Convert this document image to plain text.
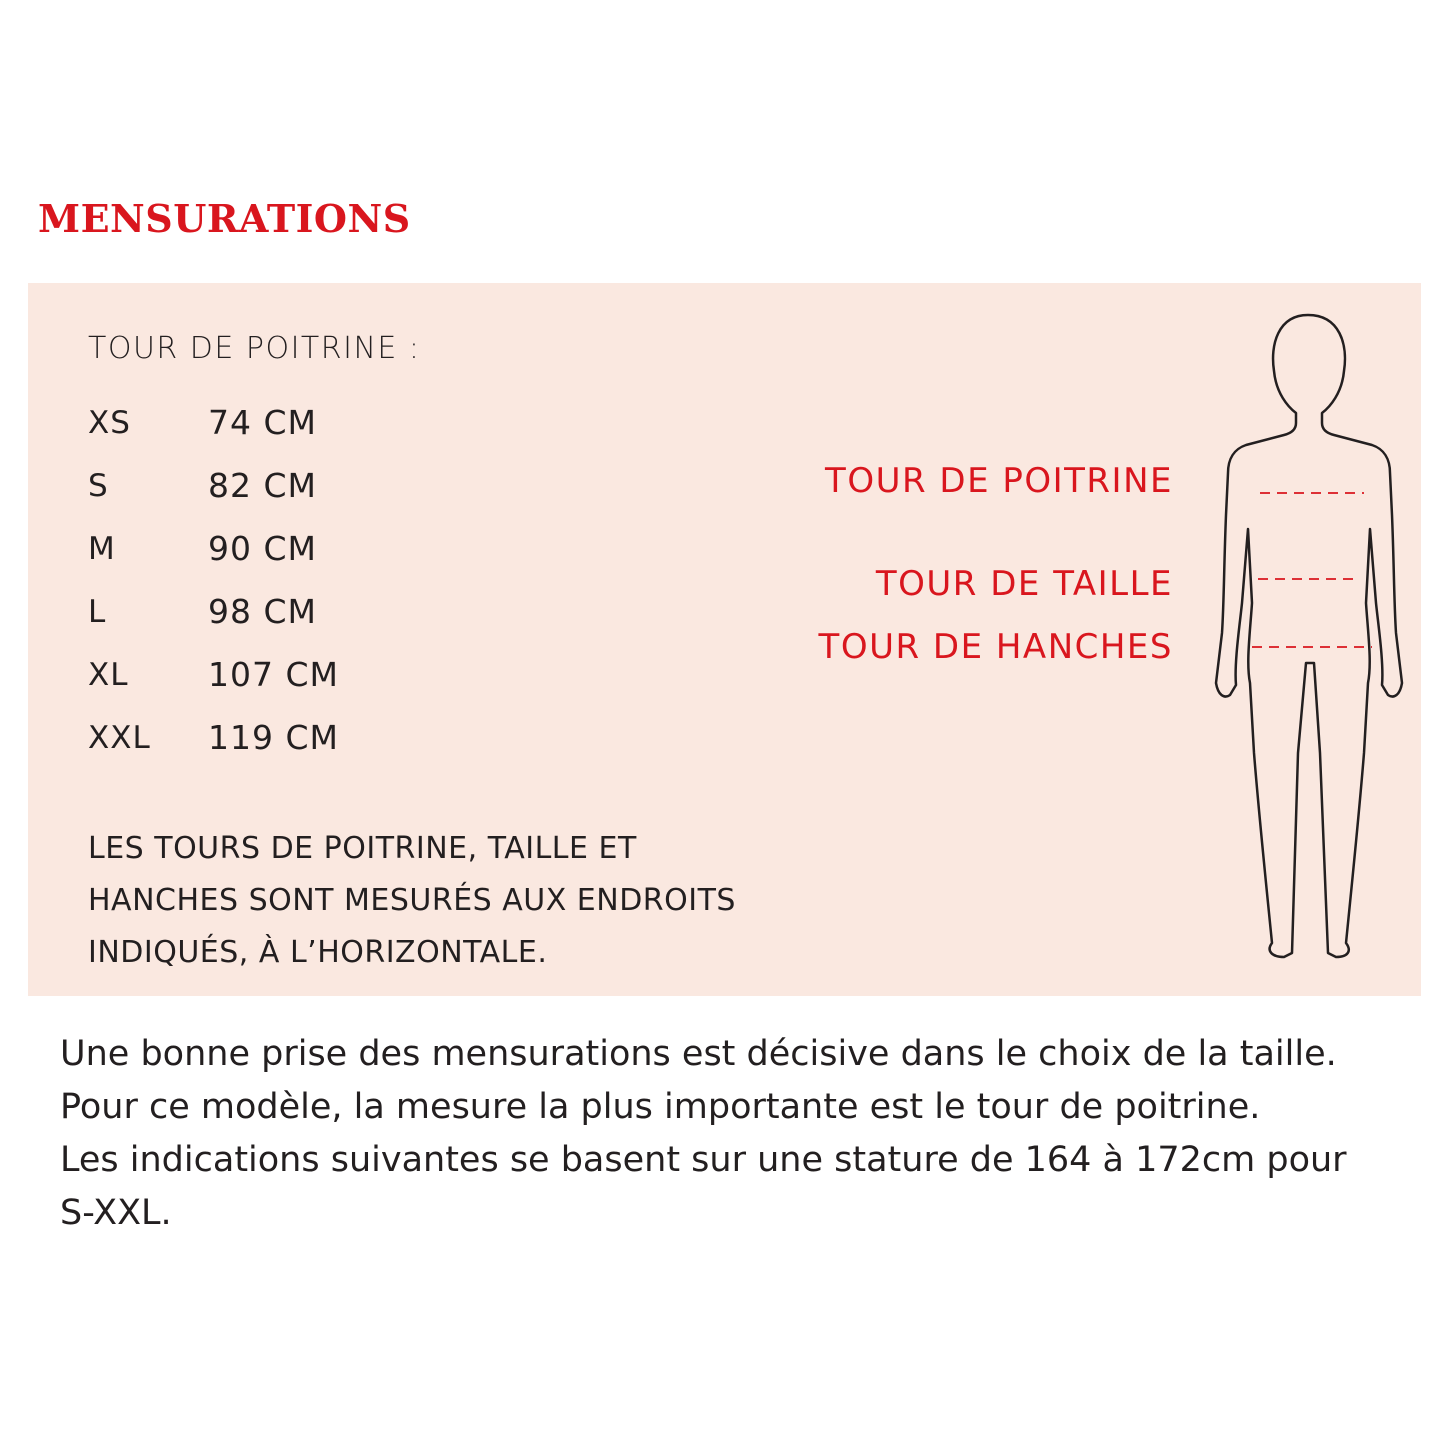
MENSURATIONS
TOUR DE POITRINE :
XS	74 CM
S	82 CM
M	90 CM
L	98 CM
XL	107 CM
XXL	119 CM
LES TOURS DE POITRINE, TAILLE ET
HANCHES SONT MESURÉS AUX ENDROITS
INDIQUÉS, À L’HORIZONTALE.
TOUR DE POITRINE
TOUR DE TAILLE
TOUR DE HANCHES
Une bonne prise des mensurations est décisive dans le choix de la taille.
Pour ce modèle, la mesure la plus importante est le tour de poitrine.
Les indications suivantes se basent sur une stature de 164 à 172cm pour
S-XXL.
